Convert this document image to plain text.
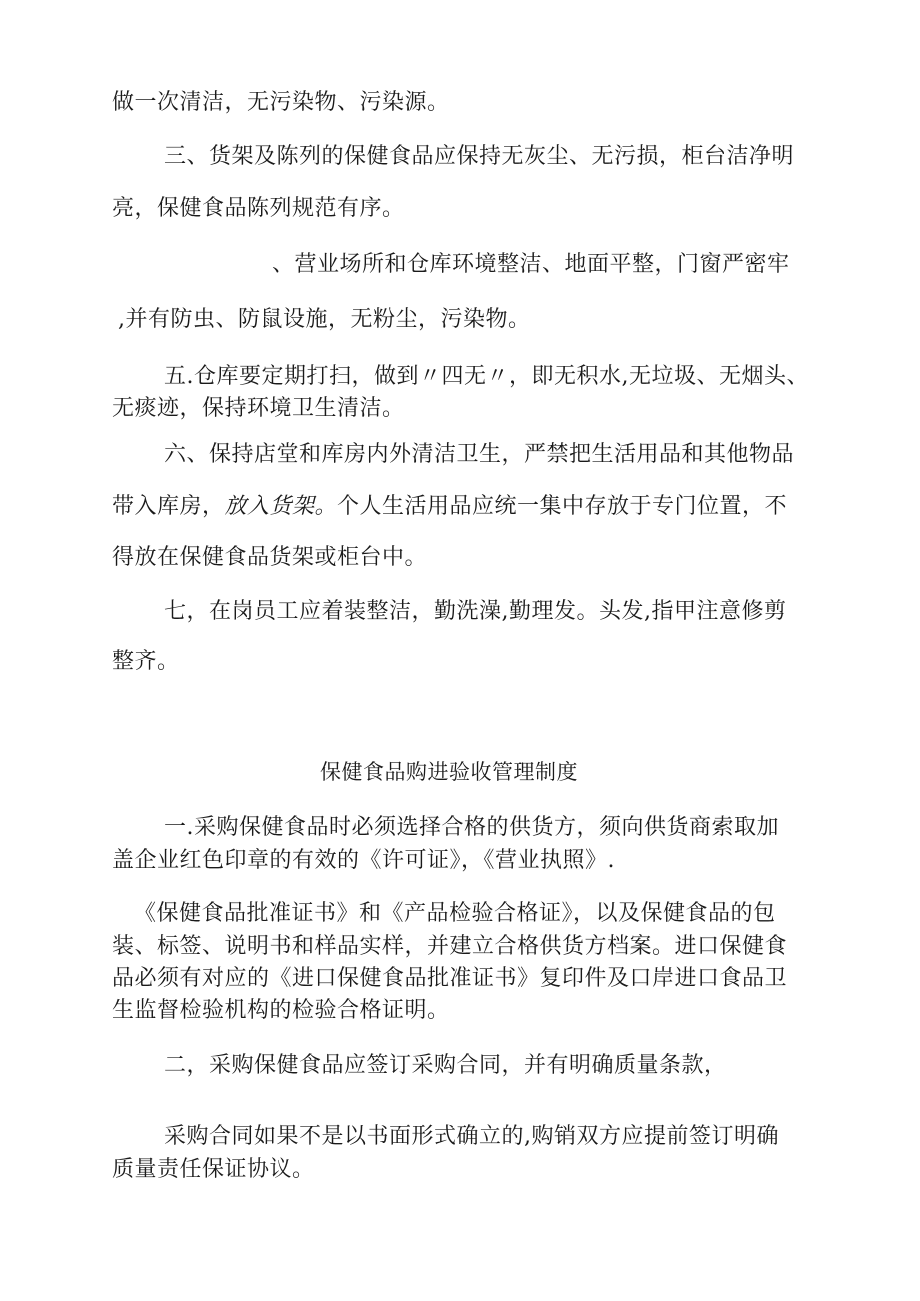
做一次清洁，无污染物、污染源。
三、货架及陈列的保健食品应保持无灰尘、无污损，柜台洁净明
亮，保健食品陈列规范有序。
、营业场所和仓库环境整洁、地面平整，门窗严密牢
,并有防虫、防鼠设施，无粉尘，污染物。
五.仓库要定期打扫，做到〃四无〃，即无积水,无垃圾、无烟头、
无痰迹，保持环境卫生清洁。
六、保持店堂和库房内外清洁卫生，严禁把生活用品和其他物品
带入库房，放入货架。个人生活用品应统一集中存放于专门位置，不
得放在保健食品货架或柜台中。
七，在岗员工应着装整洁，勤洗澡,勤理发。头发,指甲注意修剪
整齐。
保健食品购进验收管理制度
一.采购保健食品时必须选择合格的供货方，须向供货商索取加
盖企业红色印章的有效的《许可证》，《营业执照》.
《保健食品批准证书》和《产品检验合格证》，以及保健食品的包
装、标签、说明书和样品实样，并建立合格供货方档案。进口保健食
品必须有对应的《进口保健食品批准证书》复印件及口岸进口食品卫
生监督检验机构的检验合格证明。
二，采购保健食品应签订采购合同，并有明确质量条款，
采购合同如果不是以书面形式确立的,购销双方应提前签订明确
质量责任保证协议。
